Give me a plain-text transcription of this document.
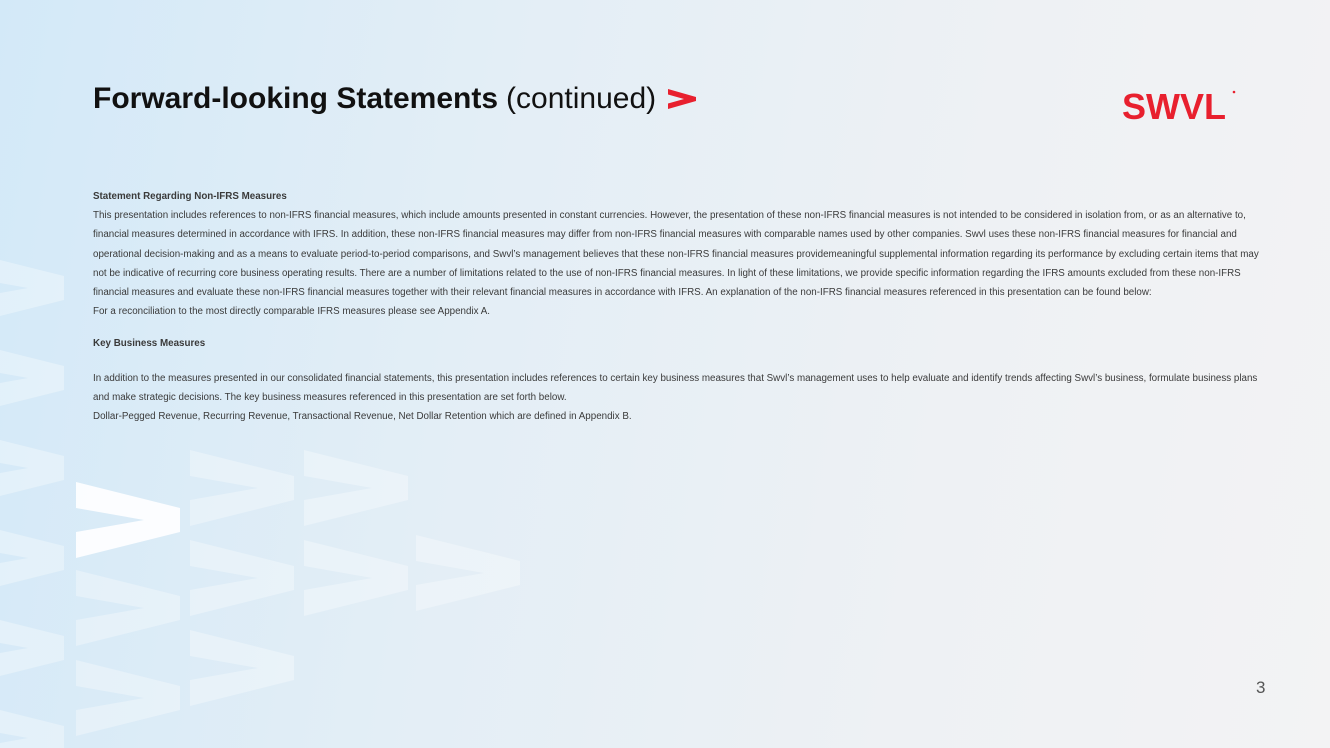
Forward-looking Statements (continued)	SWVL

Statement Regarding Non-IFRS Measures

This presentation includes references to non-IFRS financial measures, which include amounts presented in constant currencies. However, the presentation of these non-IFRS financial measures is not intended to be considered in isolation from, or as an alternative to, financial measures determined in accordance with IFRS. In addition, these non-IFRS financial measures may differ from non-IFRS financial measures with comparable names used by other companies. Swvl uses these non-IFRS financial measures for financial and operational decision-making and as a means to evaluate period-to-period comparisons, and Swvl’s management believes that these non-IFRS financial measures providemeaningful supplemental information regarding its performance by excluding certain items that may not be indicative of recurring core business operating results. There are a number of limitations related to the use of non-IFRS financial measures. In light of these limitations, we provide specific information regarding the IFRS amounts excluded from these non-IFRS financial measures and evaluate these non-IFRS financial measures together with their relevant financial measures in accordance with IFRS. An explanation of the non-IFRS financial measures referenced in this presentation can be found below:

For a reconciliation to the most directly comparable IFRS measures please see Appendix A.

Key Business Measures

In addition to the measures presented in our consolidated financial statements, this presentation includes references to certain key business measures that Swvl’s management uses to help evaluate and identify trends affecting Swvl’s business, formulate business plans and make strategic decisions. The key business measures referenced in this presentation are set forth below.

Dollar-Pegged Revenue, Recurring Revenue, Transactional Revenue, Net Dollar Retention which are defined in Appendix B.

3
